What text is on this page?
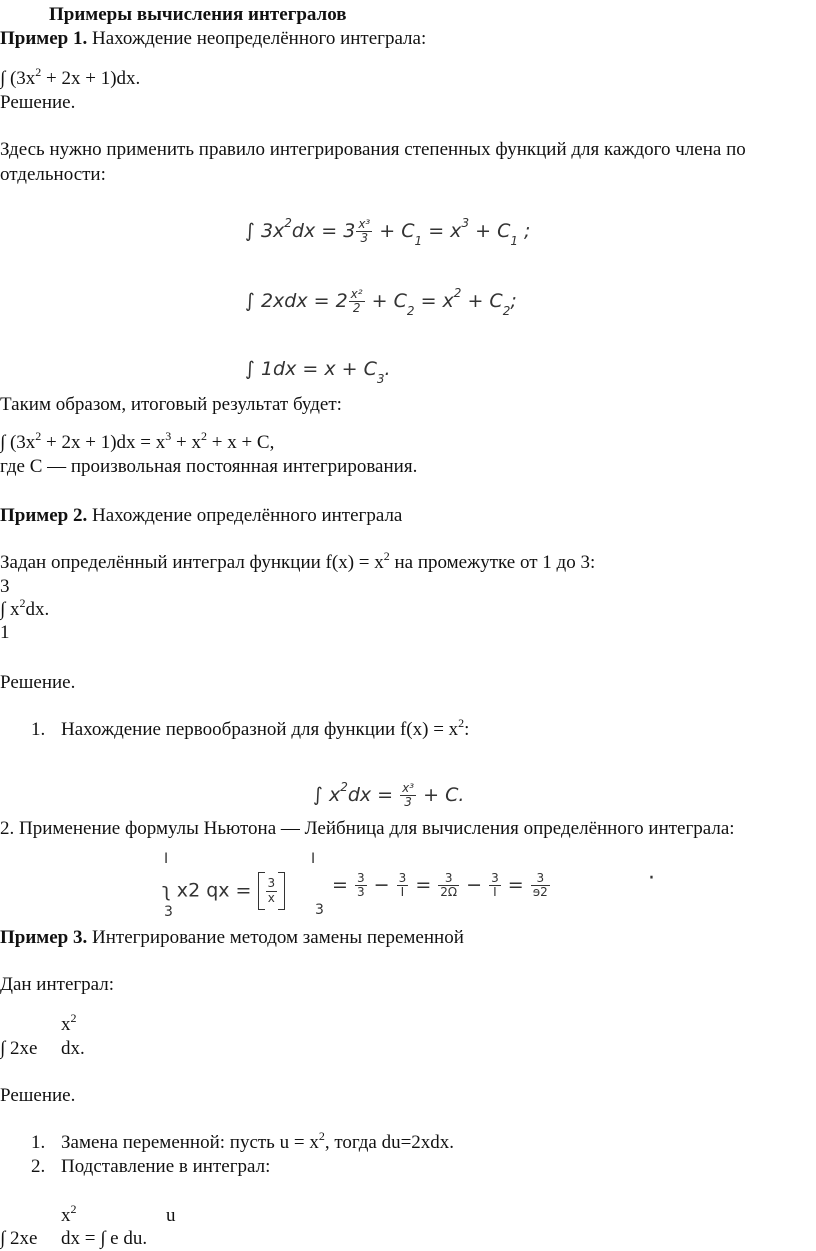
Примеры вычисления интегралов
Пример 1. Нахождение неопределённого интеграла:
∫ $(3x^2 + 2x + 1)dx$.
Решение.
Здесь нужно применить правило интегрирования степенных функций для каждого члена по
отдельности:
∫ $3x^2dx = 3 \frac{\text{x³}}{3} + C_1 = x^3 + C_1$ ;
∫ $2xdx = 2 \frac{\text{x²}}{2} + C_2 = x^2 + C_2$;
∫ $1dx = x + C_3$.
Таким образом, итоговый результат будет:
∫ $(3x^2 + 2x + 1)dx = x^3 + x^2 + x + C$,
где C — произвольная постоянная интегрирования.
Пример 2. Нахождение определённого интеграла
Задан определённый интеграл функции $f(x) = x^2$ на промежутке от 1 до 3:
3
∫ $x^2dx$.
1
Решение.
1. Нахождение первообразной для функции $f(x) = x^2$:
∫ $x^2dx = \frac{\text{x³}}{3} + C$.
2. Применение формулы Ньютона — Лейбница для вычисления определённого интеграла:
I
3
ʅ x2 qx = $\frac{3}{x}$
I
3
= $\frac{3}{3} - \frac{3}{I} = \frac{3}{2\Omega} - \frac{3}{I} = \frac{3}{\text{ɘ2}}$	·
Пример 3. Интегрирование методом замены переменной
Дан интеграл:
$x^2$
∫ 2xe dx.
Решение.
1. Замена переменной: пусть $u = x^2$, тогда du=2xdx.
2. Подставление в интеграл:
$x^2$	u
∫ 2xe dx = ∫ e du.
